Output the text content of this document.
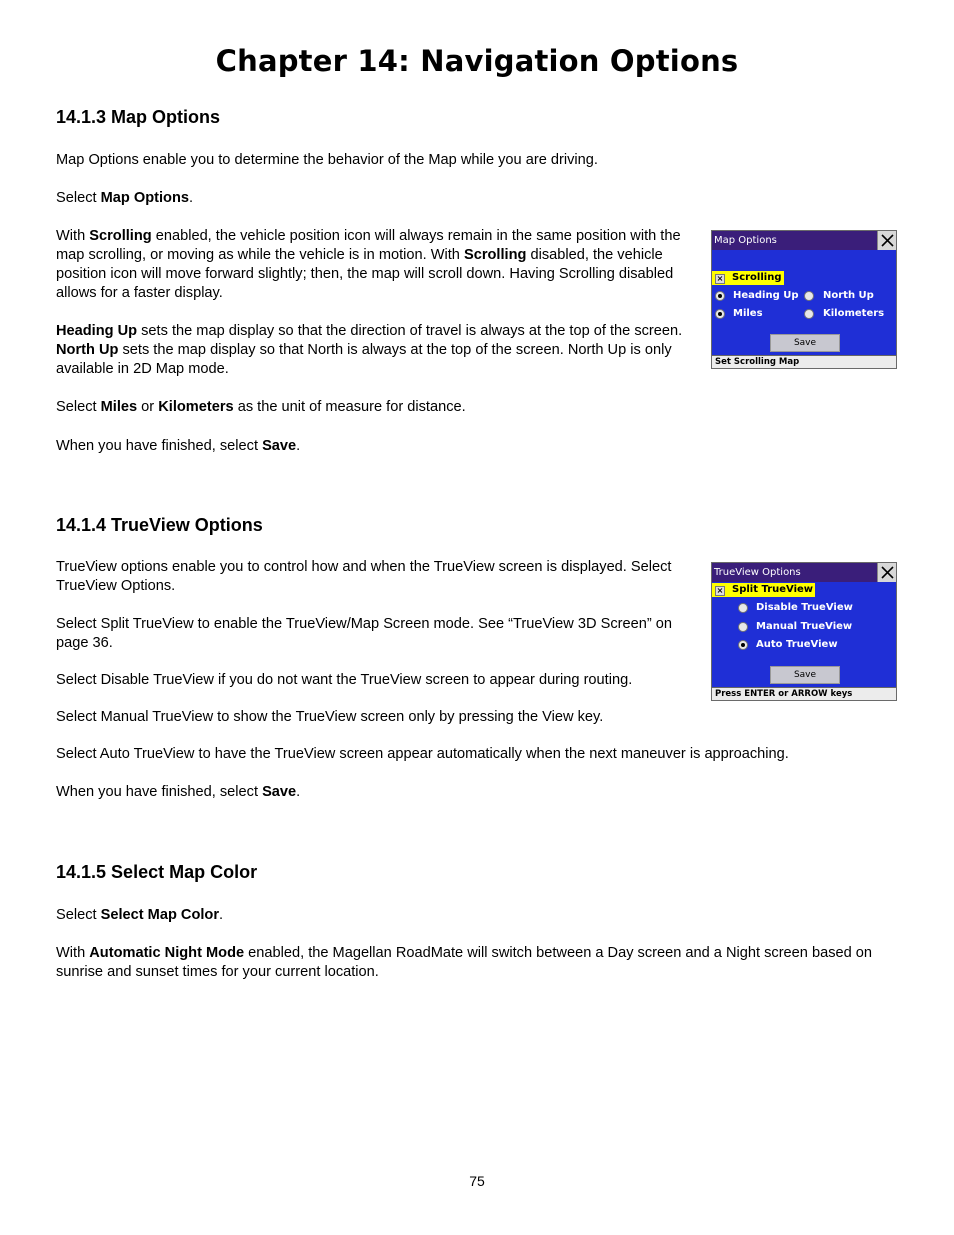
Chapter 14: Navigation Options
14.1.3 Map Options

Map Options enable you to determine the behavior of the Map while you are driving.

Select Map Options.

With Scrolling enabled, the vehicle position icon will always remain in the same position with the map scrolling, or moving as while the vehicle is in motion. With Scrolling disabled, the vehicle position icon will move forward slightly; then, the map will scroll down. Having Scrolling disabled allows for a faster display.

Heading Up sets the map display so that the direction of travel is always at the top of the screen. North Up sets the map display so that North is always at the top of the screen. North Up is only available in 2D Map mode.

Select Miles or Kilometers as the unit of measure for distance.

When you have finished, select Save.

Map Options
× Scrolling
Heading Up North Up
Miles	Kilometers
Save
Set Scrolling Map
14.1.4 TrueView Options

TrueView options enable you to control how and when the TrueView screen is displayed. Select TrueView Options.

Select Split TrueView to enable the TrueView/Map Screen mode. See “TrueView 3D Screen” on page 36.

Select Disable TrueView if you do not want the TrueView screen to appear during routing.

Select Manual TrueView to show the TrueView screen only by pressing the View key.

Select Auto TrueView to have the TrueView screen appear automatically when the next maneuver is approaching.

When you have finished, select Save.

TrueView Options
× Split TrueView
Disable TrueView
Manual TrueView
Auto TrueView
Save
Press ENTER or ARROW keys
14.1.5 Select Map Color

Select Select Map Color.

With Automatic Night Mode enabled, the Magellan RoadMate will switch between a Day screen and a Night screen based on sunrise and sunset times for your current location.

75
